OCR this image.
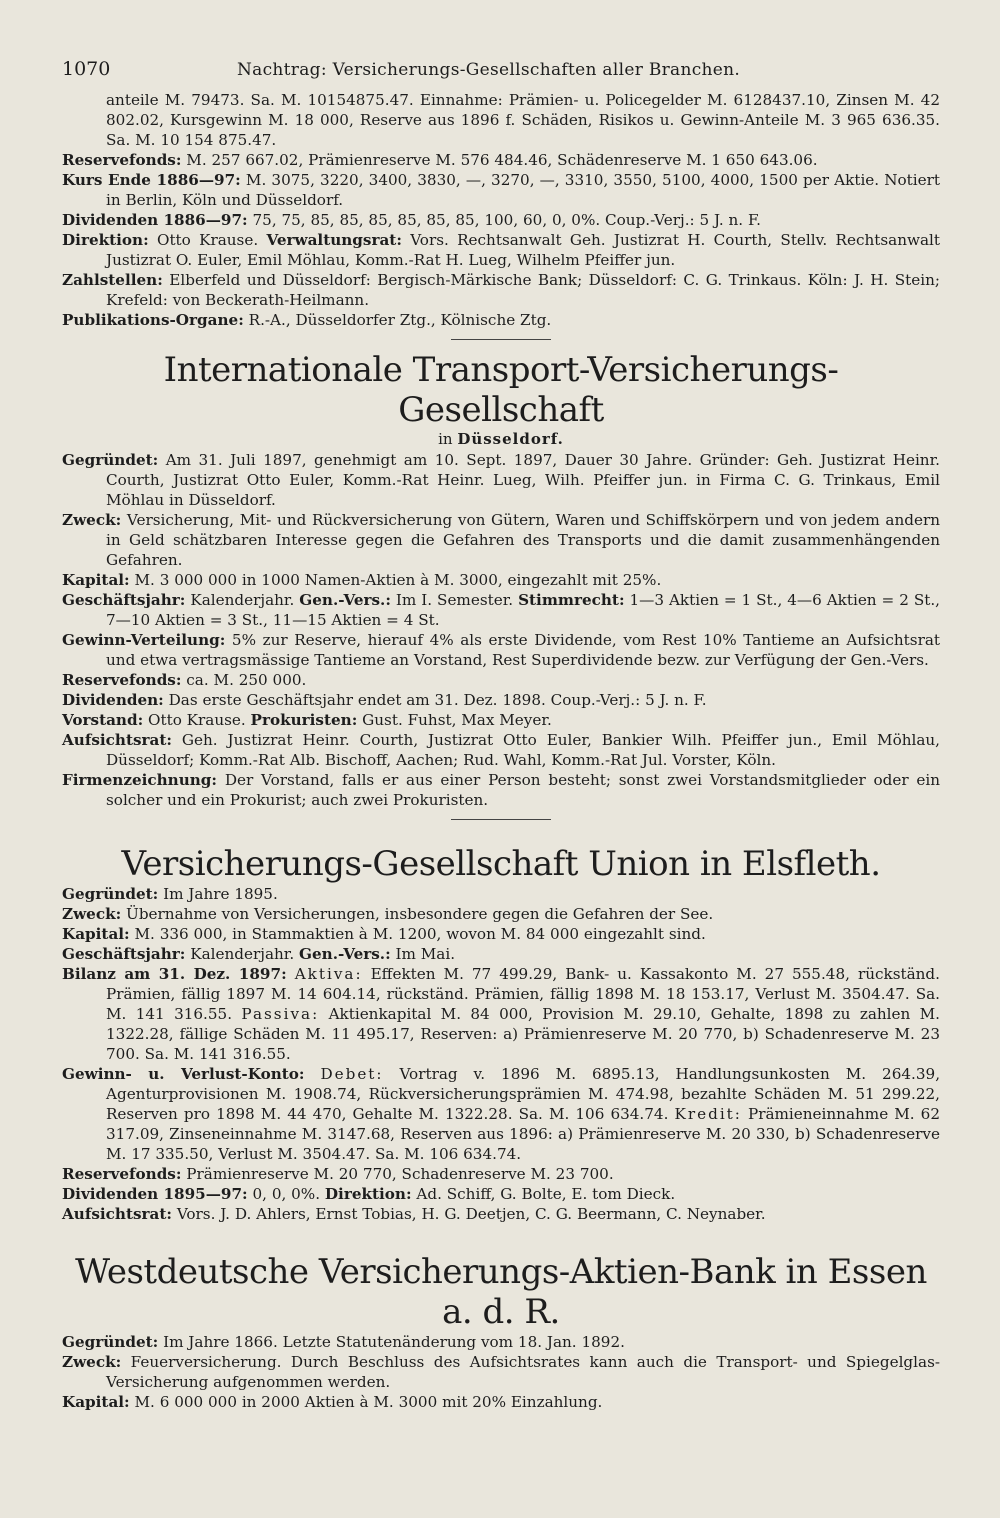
1070	Nachtrag: Versicherungs-Gesellschaften aller Branchen.

anteile M. 79473. Sa. M. 10154875.47. Einnahme: Prämien- u. Policegelder M. 6128437.10, Zinsen M. 42 802.02, Kursgewinn M. 18 000, Reserve aus 1896 f. Schäden, Risikos u. Gewinn-Anteile M. 3 965 636.35. Sa. M. 10 154 875.47.

Reservefonds: M. 257 667.02, Prämienreserve M. 576 484.46, Schädenreserve M. 1 650 643.06.

Kurs Ende 1886—97: M. 3075, 3220, 3400, 3830, —, 3270, —, 3310, 3550, 5100, 4000, 1500 per Aktie. Notiert in Berlin, Köln und Düsseldorf.

Dividenden 1886—97: 75, 75, 85, 85, 85, 85, 85, 85, 100, 60, 0, 0%. Coup.-Verj.: 5 J. n. F.

Direktion: Otto Krause. Verwaltungsrat: Vors. Rechtsanwalt Geh. Justizrat H. Courth, Stellv. Rechtsanwalt Justizrat O. Euler, Emil Möhlau, Komm.-Rat H. Lueg, Wilhelm Pfeiffer jun.

Zahlstellen: Elberfeld und Düsseldorf: Bergisch-Märkische Bank; Düsseldorf: C. G. Trinkaus. Köln: J. H. Stein; Krefeld: von Beckerath-Heilmann.

Publikations-Organe: R.-A., Düsseldorfer Ztg., Kölnische Ztg.

Internationale Transport-Versicherungs-Gesellschaft
in Düsseldorf.

Gegründet: Am 31. Juli 1897, genehmigt am 10. Sept. 1897, Dauer 30 Jahre. Gründer: Geh. Justizrat Heinr. Courth, Justizrat Otto Euler, Komm.-Rat Heinr. Lueg, Wilh. Pfeiffer jun. in Firma C. G. Trinkaus, Emil Möhlau in Düsseldorf.

Zweck: Versicherung, Mit- und Rückversicherung von Gütern, Waren und Schiffskörpern und von jedem andern in Geld schätzbaren Interesse gegen die Gefahren des Transports und die damit zusammenhängenden Gefahren.

Kapital: M. 3 000 000 in 1000 Namen-Aktien à M. 3000, eingezahlt mit 25%.

Geschäftsjahr: Kalenderjahr. Gen.-Vers.: Im I. Semester. Stimmrecht: 1—3 Aktien = 1 St., 4—6 Aktien = 2 St., 7—10 Aktien = 3 St., 11—15 Aktien = 4 St.

Gewinn-Verteilung: 5% zur Reserve, hierauf 4% als erste Dividende, vom Rest 10% Tantieme an Aufsichtsrat und etwa vertragsmässige Tantieme an Vorstand, Rest Superdividende bezw. zur Verfügung der Gen.-Vers.

Reservefonds: ca. M. 250 000.

Dividenden: Das erste Geschäftsjahr endet am 31. Dez. 1898. Coup.-Verj.: 5 J. n. F.

Vorstand: Otto Krause. Prokuristen: Gust. Fuhst, Max Meyer.

Aufsichtsrat: Geh. Justizrat Heinr. Courth, Justizrat Otto Euler, Bankier Wilh. Pfeiffer jun., Emil Möhlau, Düsseldorf; Komm.-Rat Alb. Bischoff, Aachen; Rud. Wahl, Komm.-Rat Jul. Vorster, Köln.

Firmenzeichnung: Der Vorstand, falls er aus einer Person besteht; sonst zwei Vorstandsmitglieder oder ein solcher und ein Prokurist; auch zwei Prokuristen.

Versicherungs-Gesellschaft Union in Elsfleth.

Gegründet: Im Jahre 1895.

Zweck: Übernahme von Versicherungen, insbesondere gegen die Gefahren der See.

Kapital: M. 336 000, in Stammaktien à M. 1200, wovon M. 84 000 eingezahlt sind.

Geschäftsjahr: Kalenderjahr. Gen.-Vers.: Im Mai.

Bilanz am 31. Dez. 1897: Aktiva: Effekten M. 77 499.29, Bank- u. Kassakonto M. 27 555.48, rückständ. Prämien, fällig 1897 M. 14 604.14, rückständ. Prämien, fällig 1898 M. 18 153.17, Verlust M. 3504.47. Sa. M. 141 316.55. Passiva: Aktienkapital M. 84 000, Provision M. 29.10, Gehalte, 1898 zu zahlen M. 1322.28, fällige Schäden M. 11 495.17, Reserven: a) Prämienreserve M. 20 770, b) Schadenreserve M. 23 700. Sa. M. 141 316.55.

Gewinn- u. Verlust-Konto: Debet: Vortrag v. 1896 M. 6895.13, Handlungsunkosten M. 264.39, Agenturprovisionen M. 1908.74, Rückversicherungsprämien M. 474.98, bezahlte Schäden M. 51 299.22, Reserven pro 1898 M. 44 470, Gehalte M. 1322.28. Sa. M. 106 634.74. Kredit: Prämieneinnahme M. 62 317.09, Zinseneinnahme M. 3147.68, Reserven aus 1896: a) Prämienreserve M. 20 330, b) Schadenreserve M. 17 335.50, Verlust M. 3504.47. Sa. M. 106 634.74.

Reservefonds: Prämienreserve M. 20 770, Schadenreserve M. 23 700.

Dividenden 1895—97: 0, 0, 0%. Direktion: Ad. Schiff, G. Bolte, E. tom Dieck.

Aufsichtsrat: Vors. J. D. Ahlers, Ernst Tobias, H. G. Deetjen, C. G. Beermann, C. Neynaber.

Westdeutsche Versicherungs-Aktien-Bank in Essen a. d. R.

Gegründet: Im Jahre 1866. Letzte Statutenänderung vom 18. Jan. 1892.

Zweck: Feuerversicherung. Durch Beschluss des Aufsichtsrates kann auch die Transport- und Spiegelglas-Versicherung aufgenommen werden.

Kapital: M. 6 000 000 in 2000 Aktien à M. 3000 mit 20% Einzahlung.
